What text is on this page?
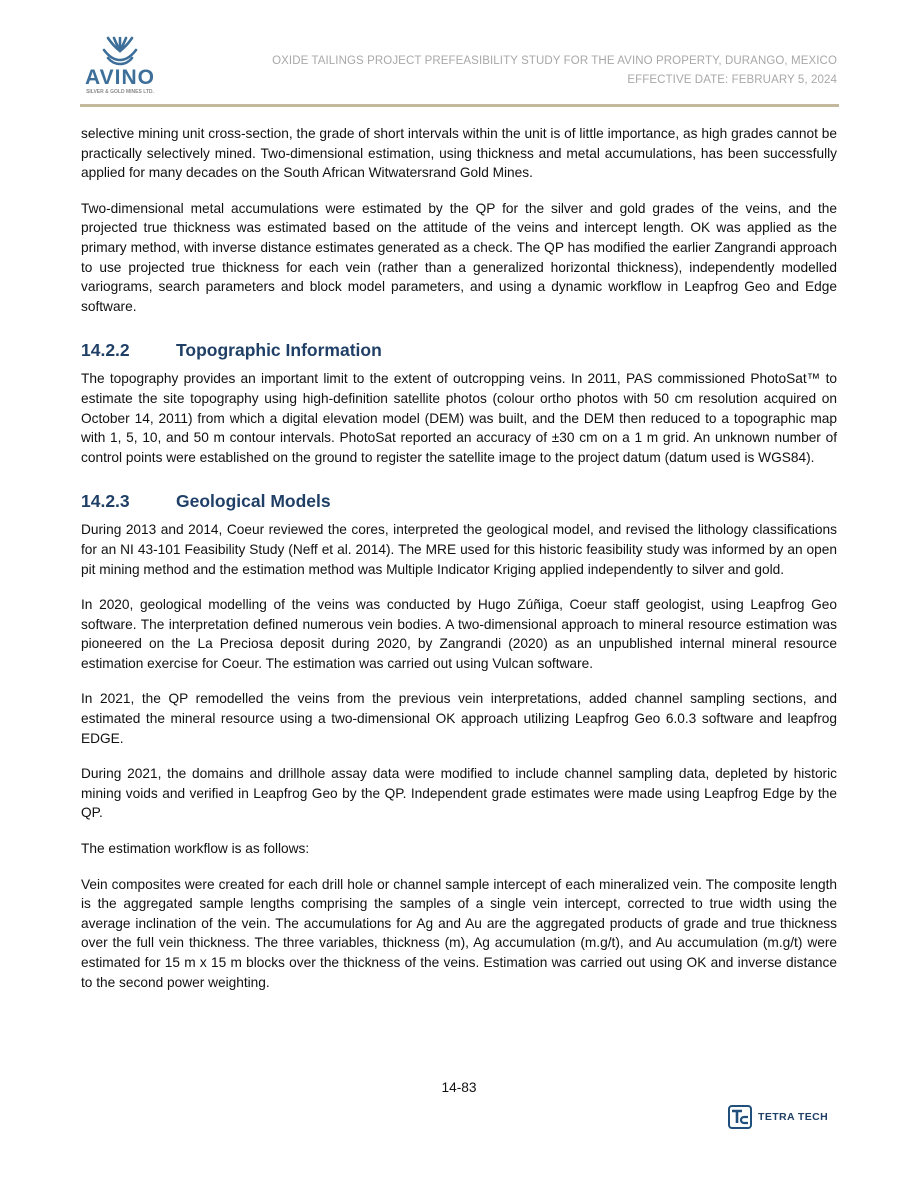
AVINO
SILVER & GOLD MINES LTD.
OXIDE TAILINGS PROJECT PREFEASIBILITY STUDY FOR THE AVINO PROPERTY, DURANGO, MEXICO
EFFECTIVE DATE: FEBRUARY 5, 2024

selective mining unit cross-section, the grade of short intervals within the unit is of little importance, as high grades cannot be practically selectively mined. Two-dimensional estimation, using thickness and metal accumulations, has been successfully applied for many decades on the South African Witwatersrand Gold Mines.

Two-dimensional metal accumulations were estimated by the QP for the silver and gold grades of the veins, and the projected true thickness was estimated based on the attitude of the veins and intercept length. OK was applied as the primary method, with inverse distance estimates generated as a check. The QP has modified the earlier Zangrandi approach to use projected true thickness for each vein (rather than a generalized horizontal thickness), independently modelled variograms, search parameters and block model parameters, and using a dynamic workflow in Leapfrog Geo and Edge software.

14.2.2	Topographic Information

The topography provides an important limit to the extent of outcropping veins. In 2011, PAS commissioned PhotoSat™ to estimate the site topography using high-definition satellite photos (colour ortho photos with 50 cm resolution acquired on October 14, 2011) from which a digital elevation model (DEM) was built, and the DEM then reduced to a topographic map with 1, 5, 10, and 50 m contour intervals. PhotoSat reported an accuracy of ±30 cm on a 1 m grid. An unknown number of control points were established on the ground to register the satellite image to the project datum (datum used is WGS84).

14.2.3	Geological Models

During 2013 and 2014, Coeur reviewed the cores, interpreted the geological model, and revised the lithology classifications for an NI 43-101 Feasibility Study (Neff et al. 2014). The MRE used for this historic feasibility study was informed by an open pit mining method and the estimation method was Multiple Indicator Kriging applied independently to silver and gold.

In 2020, geological modelling of the veins was conducted by Hugo Zúñiga, Coeur staff geologist, using Leapfrog Geo software. The interpretation defined numerous vein bodies. A two-dimensional approach to mineral resource estimation was pioneered on the La Preciosa deposit during 2020, by Zangrandi (2020) as an unpublished internal mineral resource estimation exercise for Coeur. The estimation was carried out using Vulcan software.

In 2021, the QP remodelled the veins from the previous vein interpretations, added channel sampling sections, and estimated the mineral resource using a two-dimensional OK approach utilizing Leapfrog Geo 6.0.3 software and leapfrog EDGE.

During 2021, the domains and drillhole assay data were modified to include channel sampling data, depleted by historic mining voids and verified in Leapfrog Geo by the QP. Independent grade estimates were made using Leapfrog Edge by the QP.

The estimation workflow is as follows:

Vein composites were created for each drill hole or channel sample intercept of each mineralized vein. The composite length is the aggregated sample lengths comprising the samples of a single vein intercept, corrected to true width using the average inclination of the vein. The accumulations for Ag and Au are the aggregated products of grade and true thickness over the full vein thickness. The three variables, thickness (m), Ag accumulation (m.g/t), and Au accumulation (m.g/t) were estimated for 15 m x 15 m blocks over the thickness of the veins. Estimation was carried out using OK and inverse distance to the second power weighting.

14-83
TETRA TECH
